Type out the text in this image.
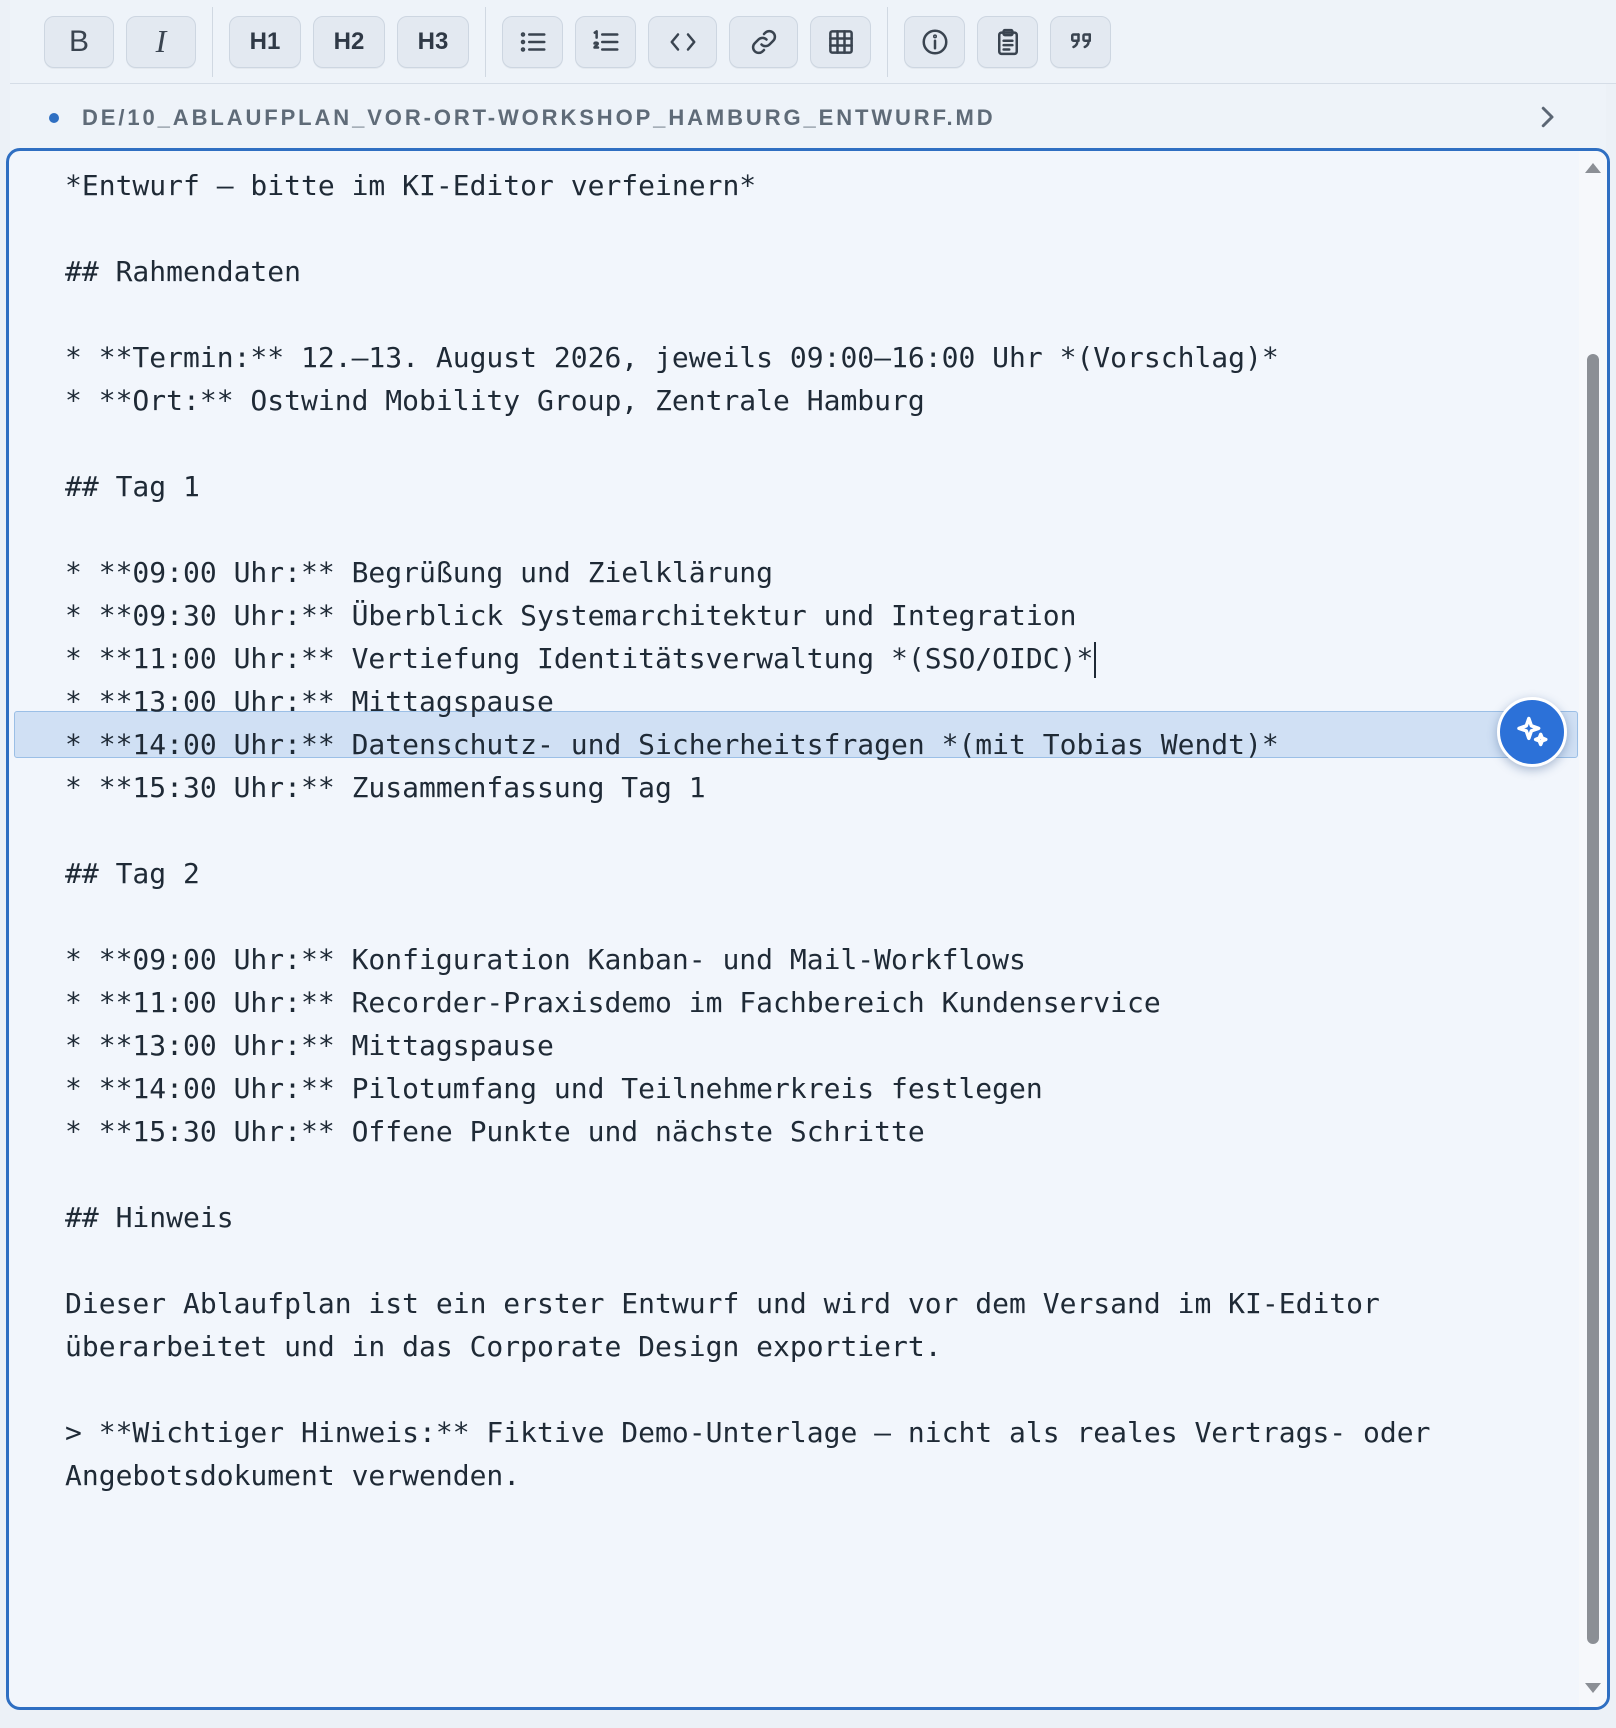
B I	H1 H2 H3
DE/10_ABLAUFPLAN_VOR-ORT-WORKSHOP_HAMBURG_ENTWURF.MD
*Entwurf – bitte im KI-Editor verfeinern*
## Rahmendaten
* **Termin:** 12.–13. August 2026, jeweils 09:00–16:00 Uhr *(Vorschlag)*
* **Ort:** Ostwind Mobility Group, Zentrale Hamburg
## Tag 1
* **09:00 Uhr:** Begrüßung und Zielklärung
* **09:30 Uhr:** Überblick Systemarchitektur und Integration
* **11:00 Uhr:** Vertiefung Identitätsverwaltung *(SSO/OIDC)*
* **13:00 Uhr:** Mittagspause
* **14:00 Uhr:** Datenschutz- und Sicherheitsfragen *(mit Tobias Wendt)*
* **15:30 Uhr:** Zusammenfassung Tag 1
## Tag 2
* **09:00 Uhr:** Konfiguration Kanban- und Mail-Workflows
* **11:00 Uhr:** Recorder-Praxisdemo im Fachbereich Kundenservice
* **13:00 Uhr:** Mittagspause
* **14:00 Uhr:** Pilotumfang und Teilnehmerkreis festlegen
* **15:30 Uhr:** Offene Punkte und nächste Schritte
## Hinweis
Dieser Ablaufplan ist ein erster Entwurf und wird vor dem Versand im KI-Editor
überarbeitet und in das Corporate Design exportiert.
> **Wichtiger Hinweis:** Fiktive Demo-Unterlage – nicht als reales Vertrags- oder
Angebotsdokument verwenden.
